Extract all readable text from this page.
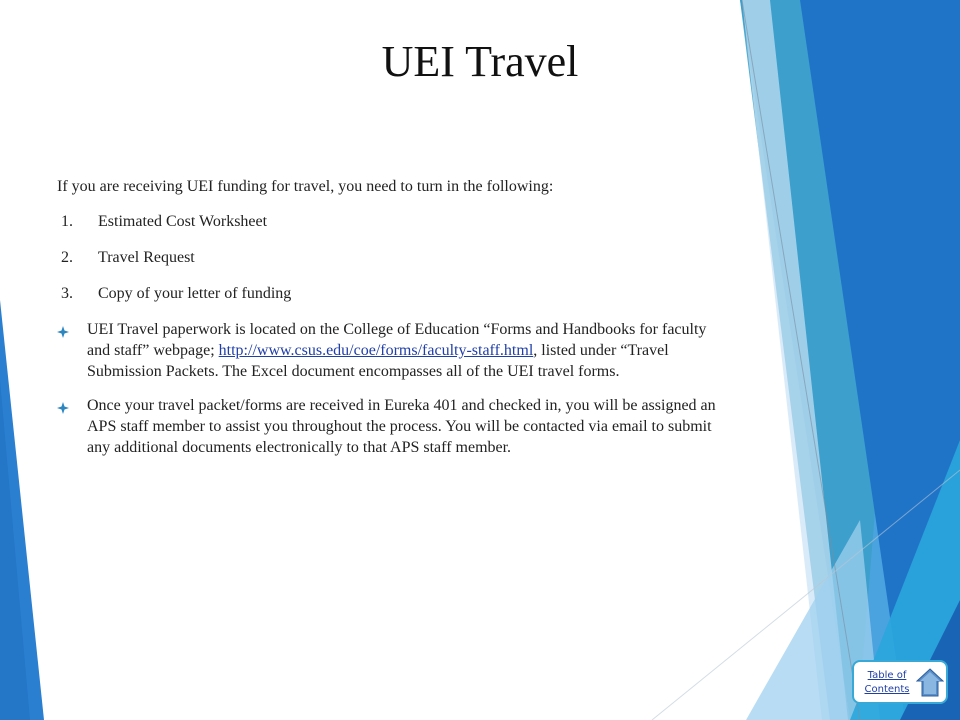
UEI Travel

If you are receiving UEI funding for travel, you need to turn in the following:

1.	Estimated Cost Worksheet
2.	Travel Request
3.	Copy of your letter of funding
UEI Travel paperwork is located on the College of Education “Forms and Handbooks for faculty and staff” webpage; http://www.csus.edu/coe/forms/faculty-staff.html, listed under “Travel Submission Packets. The Excel document encompasses all of the UEI travel forms.
Once your travel packet/forms are received in Eureka 401 and checked in, you will be assigned an APS staff member to assist you throughout the process. You will be contacted via email to submit any additional documents electronically to that APS staff member.
Table of
Contents
